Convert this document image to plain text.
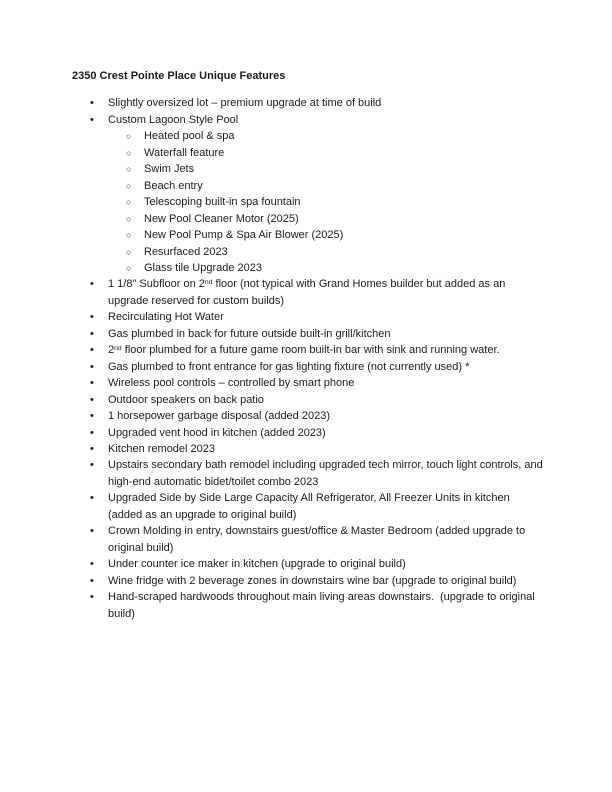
2350 Crest Pointe Place Unique Features
•	Slightly oversized lot – premium upgrade at time of build
•	Custom Lagoon Style Pool
○	Heated pool & spa
○	Waterfall feature
○	Swim Jets
○	Beach entry
○	Telescoping built-in spa fountain
○	New Pool Cleaner Motor (2025)
○	New Pool Pump & Spa Air Blower (2025)
○	Resurfaced 2023
○	Glass tile Upgrade 2023
•	1 1/8" Subfloor on 2nd floor (not typical with Grand Homes builder but added as an upgrade reserved for custom builds)
•	Recirculating Hot Water
•	Gas plumbed in back for future outside built-in grill/kitchen
•	2nd floor plumbed for a future game room built-in bar with sink and running water.
•	Gas plumbed to front entrance for gas lighting fixture (not currently used) *
•	Wireless pool controls – controlled by smart phone
•	Outdoor speakers on back patio
•	1 horsepower garbage disposal (added 2023)
•	Upgraded vent hood in kitchen (added 2023)
•	Kitchen remodel 2023
•	Upstairs secondary bath remodel including upgraded tech mirror, touch light controls, and high-end automatic bidet/toilet combo 2023
•	Upgraded Side by Side Large Capacity All Refrigerator, All Freezer Units in kitchen (added as an upgrade to original build)
•	Crown Molding in entry, downstairs guest/office & Master Bedroom (added upgrade to original build)
•	Under counter ice maker in kitchen (upgrade to original build)
•	Wine fridge with 2 beverage zones in downstairs wine bar (upgrade to original build)
•	Hand-scraped hardwoods throughout main living areas downstairs.  (upgrade to original build)
